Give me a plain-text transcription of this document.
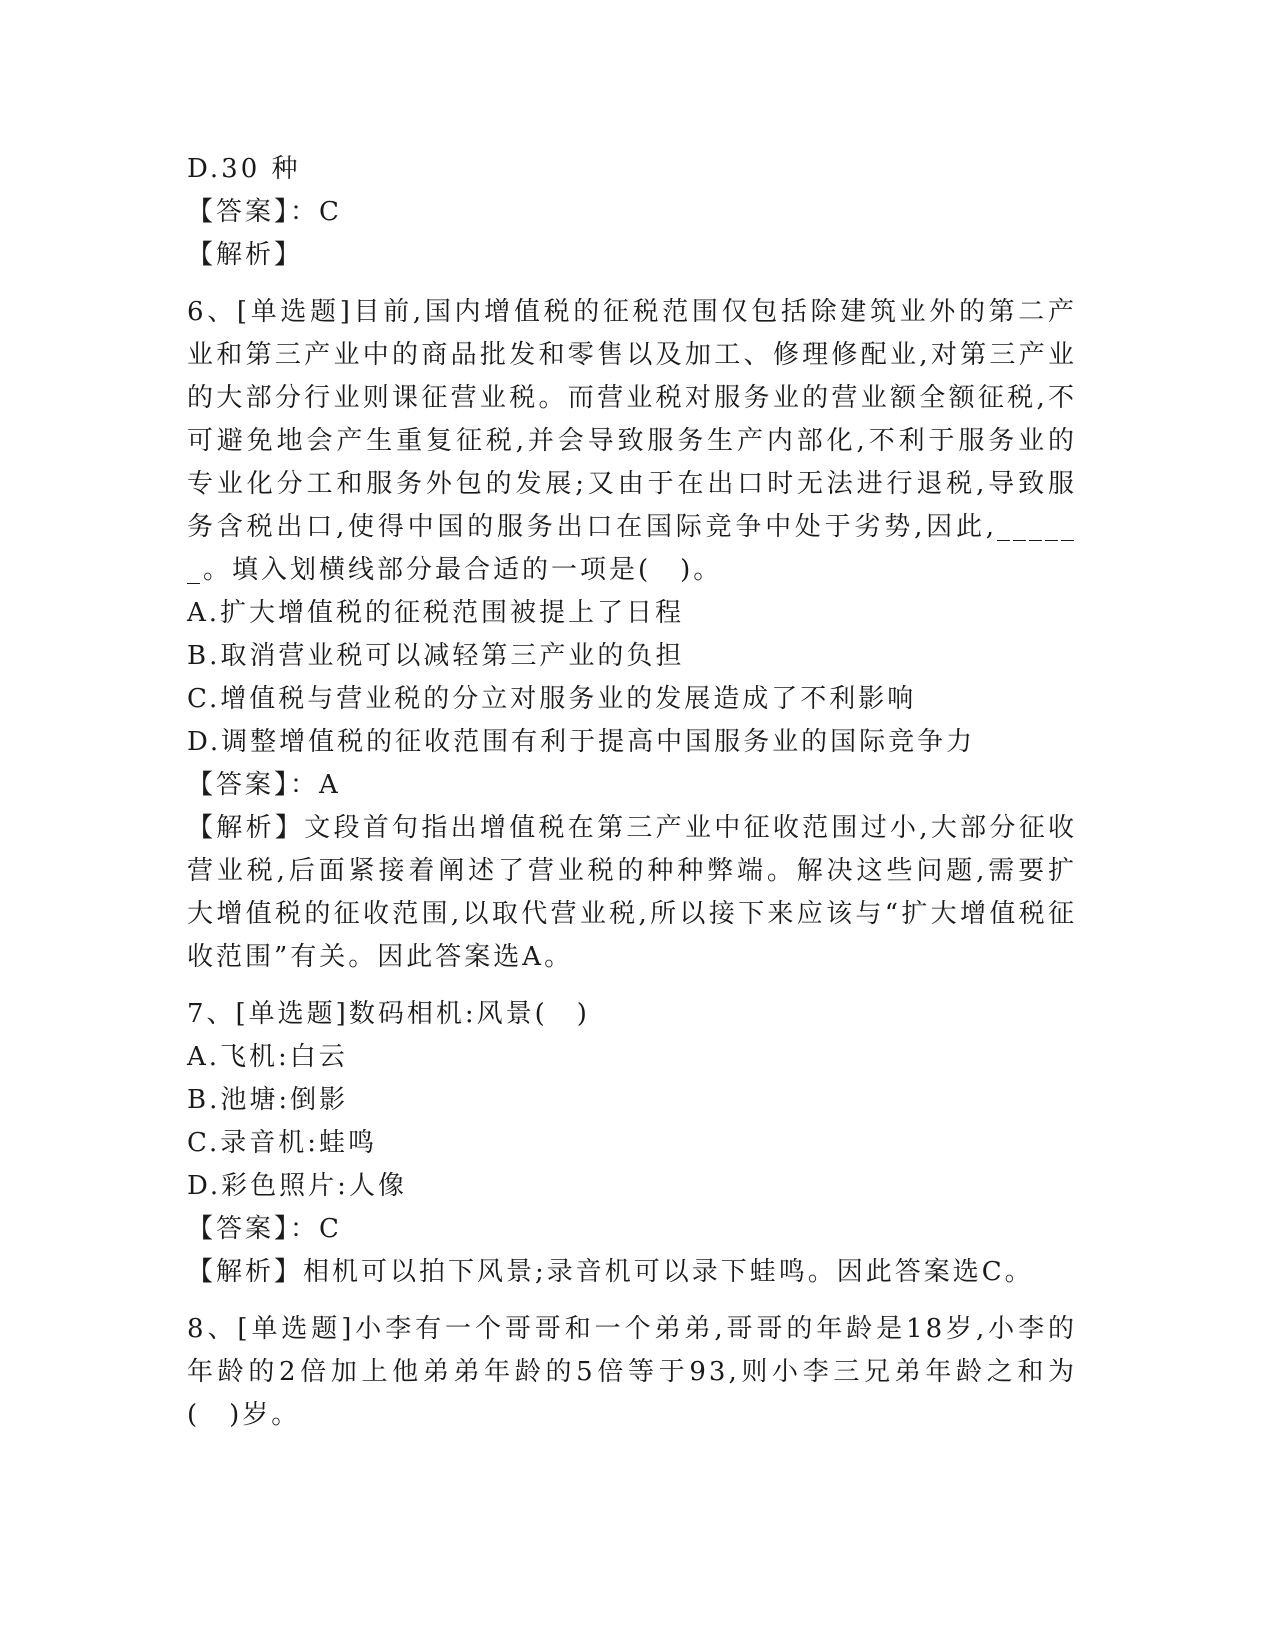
D.30 种
【答案】：C
【解析】

6、[单选题]目前,国内增值税的征税范围仅包括除建筑业外的第二产业和第三产业中的商品批发和零售以及加工、修理修配业,对第三产业的大部分行业则课征营业税。而营业税对服务业的营业额全额征税,不可避免地会产生重复征税,并会导致服务生产内部化,不利于服务业的专业化分工和服务外包的发展;又由于在出口时无法进行退税,导致服务含税出口,使得中国的服务出口在国际竞争中处于劣势,因此,______。填入划横线部分最合适的一项是(　)。

A.扩大增值税的征税范围被提上了日程
B.取消营业税可以减轻第三产业的负担
C.增值税与营业税的分立对服务业的发展造成了不利影响
D.调整增值税的征收范围有利于提高中国服务业的国际竞争力
【答案】：A

【解析】文段首句指出增值税在第三产业中征收范围过小,大部分征收营业税,后面紧接着阐述了营业税的种种弊端。解决这些问题,需要扩大增值税的征收范围,以取代营业税,所以接下来应该与“扩大增值税征收范围”有关。因此答案选A。

7、[单选题]数码相机:风景(　)
A.飞机:白云
B.池塘:倒影
C.录音机:蛙鸣
D.彩色照片:人像
【答案】：C
【解析】相机可以拍下风景;录音机可以录下蛙鸣。因此答案选C。

8、[单选题]小李有一个哥哥和一个弟弟,哥哥的年龄是18岁,小李的年龄的2倍加上他弟弟年龄的5倍等于93,则小李三兄弟年龄之和为(　)岁。
